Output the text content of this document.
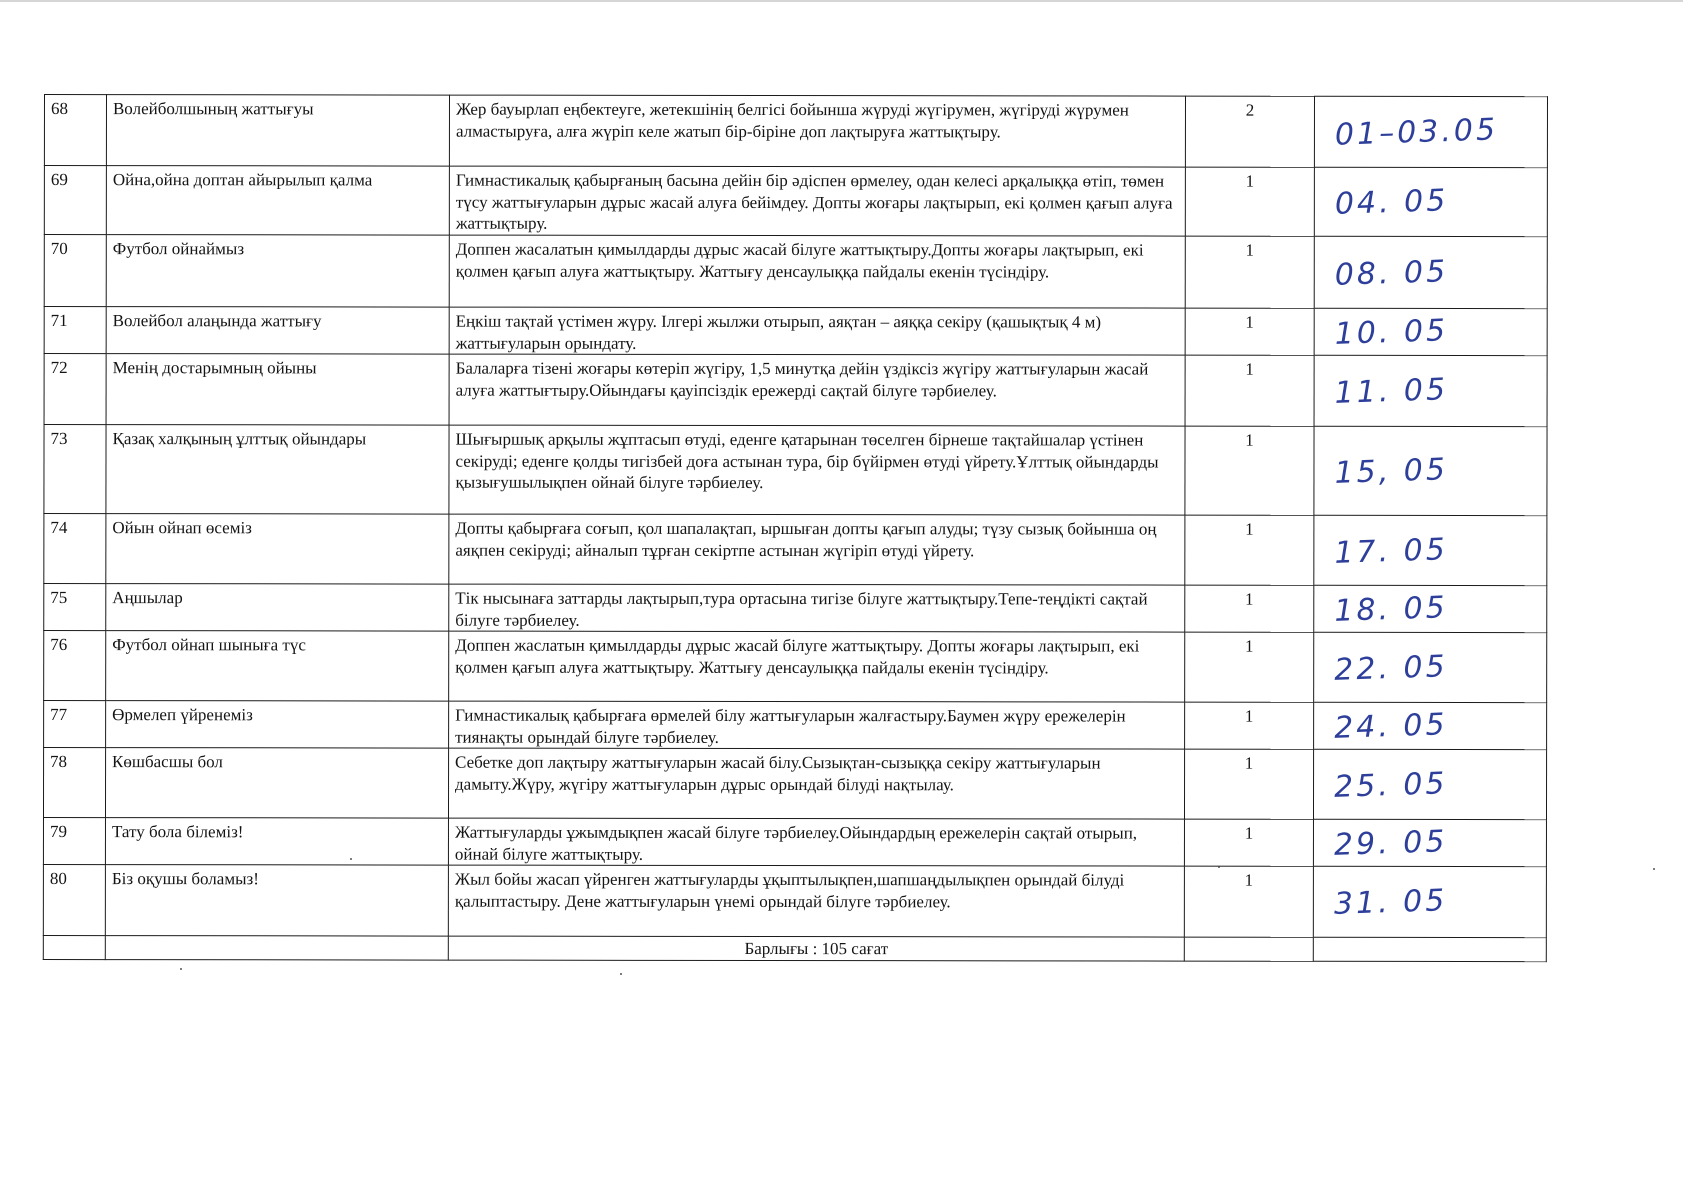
68	Волейболшының жаттығуы	Жер бауырлап еңбектеуге, жетекшінің белгісі бойынша жүруді жүгірумен, жүгіруді жүрумен алмастыруға, алға жүріп келе жатып бір-біріне доп лақтыруға жаттықтыру.	2	01–03.05

69	Ойна,ойна доптан айырылып қалма	Гимнастикалық қабырғаның басына дейін бір әдіспен өрмелеу, одан келесі арқалыққа өтіп, төмен түсу жаттығуларын дұрыс жасай алуға бейімдеу. Допты жоғары лақтырып, екі қолмен қағып алуға жаттықтыру.	1	04. 05

70	Футбол ойнаймыз	Доппен жасалатын қимылдарды дұрыс жасай білуге жаттықтыру.Допты жоғары лақтырып, екі қолмен қағып алуға жаттықтыру. Жаттығу денсаулыққа пайдалы екенін түсіндіру.	1	08. 05

71	Волейбол алаңында жаттығу	Еңкіш тақтай үстімен жүру. Ілгері жылжи отырып, аяқтан – аяққа секіру (қашықтық 4 м) жаттығуларын орындату.	1	10. 05

72	Менің достарымның ойыны	Балаларға тізені жоғары көтеріп жүгіру, 1,5 минутқа дейін үздіксіз жүгіру жаттығуларын жасай алуға жаттығтыру.Ойындағы қауіпсіздік ережерді сақтай білуге тәрбиелеу.	1	11. 05

73	Қазақ халқының ұлттық ойындары	Шығыршық арқылы жұптасып өтуді, еденге қатарынан төселген бірнеше тақтайшалар үстінен секіруді; еденге қолды тигізбей доға астынан тура, бір бүйірмен өтуді үйрету.Ұлттық ойындарды қызығушылықпен ойнай білуге тәрбиелеу.	1	15, 05

74	Ойын ойнап өсеміз	Допты қабырғаға соғып, қол шапалақтап, ыршыған допты қағып алуды; түзу сызық бойынша оң аяқпен секіруді; айналып тұрған секіртпе астынан жүгіріп өтуді үйрету.	1	17. 05

75	Аңшылар	Тік нысынаға заттарды лақтырып,тура ортасына тигізе білуге жаттықтыру.Тепе-теңдікті сақтай білуге тәрбиелеу.	1	18. 05

76	Футбол ойнап шыныға түс	Доппен жаслатын қимылдарды дұрыс жасай білуге жаттықтыру. Допты жоғары лақтырып, екі қолмен қағып алуға жаттықтыру. Жаттығу денсаулыққа пайдалы екенін түсіндіру.	1	22. 05

77	Өрмелеп үйренеміз	Гимнастикалық қабырғаға өрмелей білу жаттығуларын жалғастыру.Баумен жүру ережелерін тиянақты орындай білуге тәрбиелеу.	1	24. 05

78	Көшбасшы бол	Себетке доп лақтыру жаттығуларын жасай білу.Сызықтан-сызыққа секіру жаттығуларын дамыту.Жүру, жүгіру жаттығуларын дұрыс орындай білуді нақтылау.	1	25. 05

79	Тату бола білеміз!	Жаттығуларды ұжымдықпен жасай білуге тәрбиелеу.Ойындардың ережелерін сақтай отырып, ойнай білуге жаттықтыру.	1	29. 05

80	Біз оқушы боламыз!	Жыл бойы жасап үйренген жаттығуларды ұқыптылықпен,шапшаңдылықпен орындай білуді қалыптастыру. Дене жаттығуларын үнемі орындай білуге тәрбиелеу.	1	31. 05

		Барлығы : 105 сағат		
